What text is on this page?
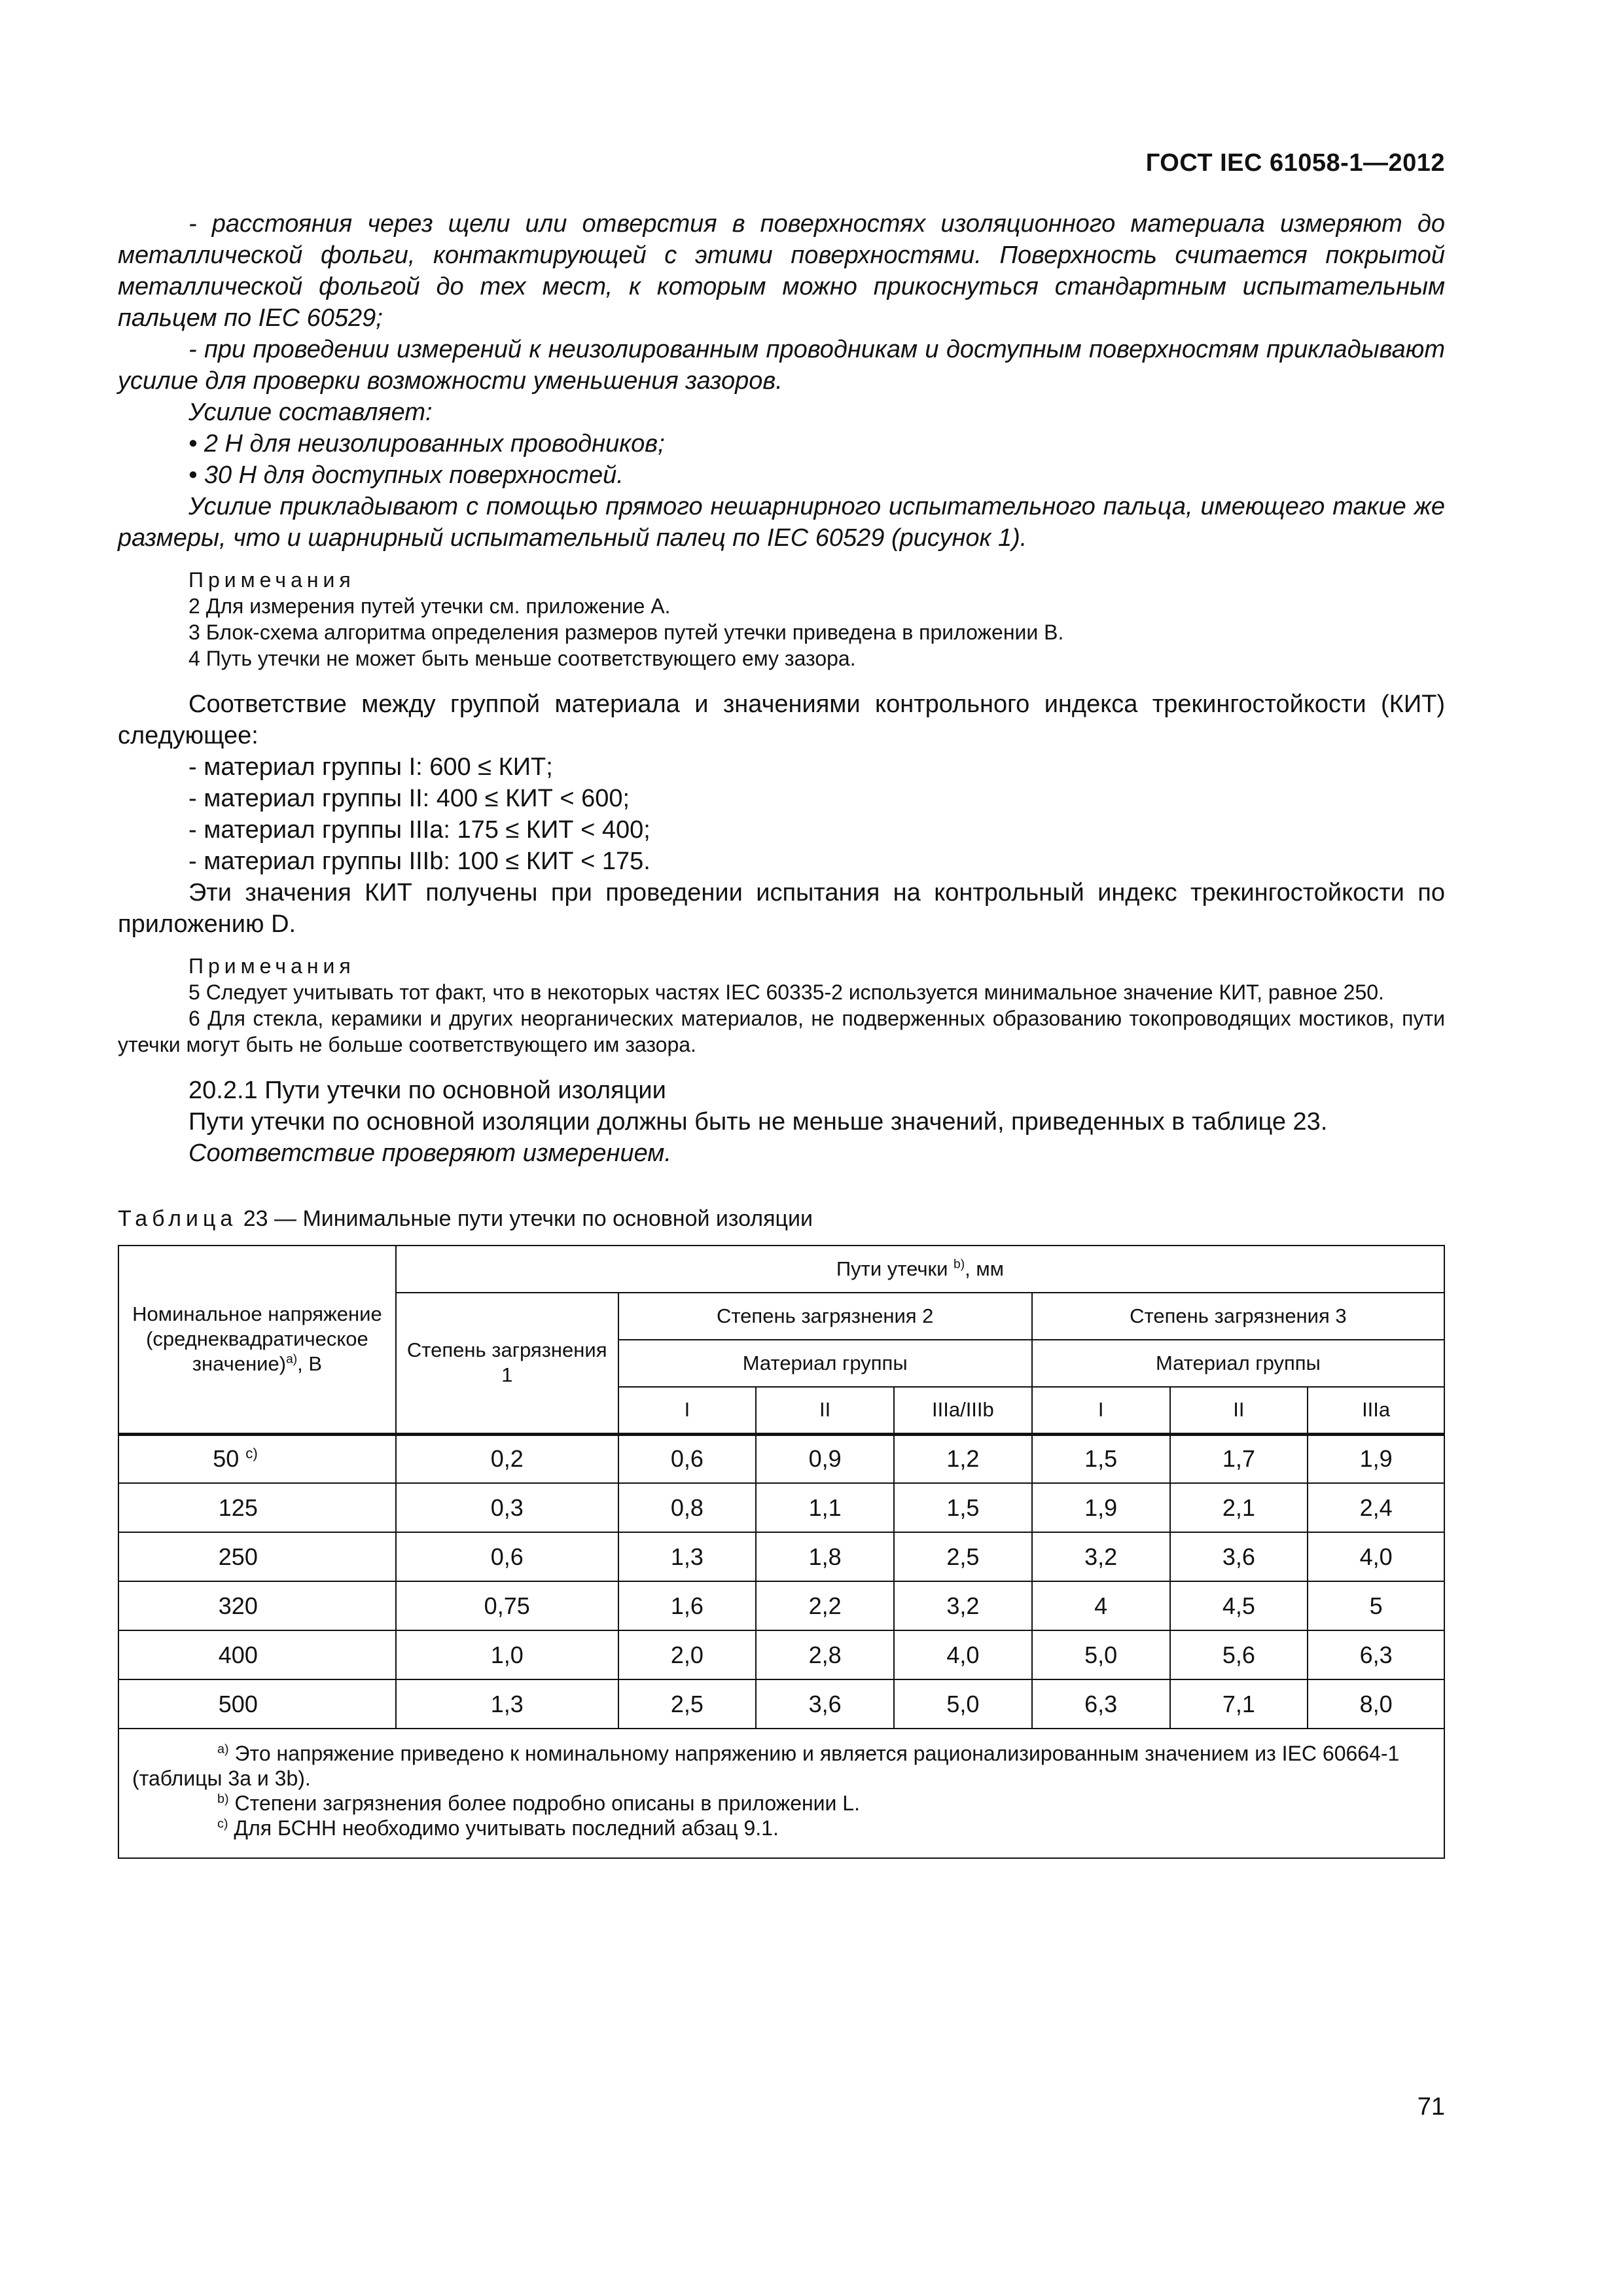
ГОСТ IEC 61058-1—2012

- расстояния через щели или отверстия в поверхностях изоляционного материала измеряют до металлической фольги, контактирующей с этими поверхностями. Поверхность считается покрытой металлической фольгой до тех мест, к которым можно прикоснуться стандартным испытательным пальцем по IEC 60529;

- при проведении измерений к неизолированным проводникам и доступным поверхностям прикладывают усилие для проверки возможности уменьшения зазоров.

Усилие составляет:

• 2 Н для неизолированных проводников;

• 30 Н для доступных поверхностей.

Усилие прикладывают с помощью прямого нешарнирного испытательного пальца, имеющего такие же размеры, что и шарнирный испытательный палец по IEC 60529 (рисунок 1).

Примечания

2 Для измерения путей утечки см. приложение А.

3 Блок-схема алгоритма определения размеров путей утечки приведена в приложении В.

4 Путь утечки не может быть меньше соответствующего ему зазора.

Соответствие между группой материала и значениями контрольного индекса трекингостойкости (КИТ) следующее:

- материал группы I: 600 ≤ КИТ;

- материал группы II: 400 ≤ КИТ < 600;

- материал группы IIIa: 175 ≤ КИТ < 400;

- материал группы IIIb: 100 ≤ КИТ < 175.

Эти значения КИТ получены при проведении испытания на контрольный индекс трекингостойкости по приложению D.

Примечания

5 Следует учитывать тот факт, что в некоторых частях IEC 60335-2 используется минимальное значение КИТ, равное 250.

6 Для стекла, керамики и других неорганических материалов, не подверженных образованию токопроводящих мостиков, пути утечки могут быть не больше соответствующего им зазора.

20.2.1 Пути утечки по основной изоляции

Пути утечки по основной изоляции должны быть не меньше значений, приведенных в таблице 23.

Соответствие проверяют измерением.

Таблица 23 — Минимальные пути утечки по основной изоляции

Номинальное напряжение (среднеквадратическое значение)$^{а)}$, В	Пути утечки $^{b)}$, мм						
	Степень загрязнения 1	Степень загрязнения 2			Степень загрязнения 3		
		Материал группы			Материал группы		
		I	II	IIIa/IIIb	I	II	IIIa
50 $^{c)}$	0,2	0,6	0,9	1,2	1,5	1,7	1,9
125	0,3	0,8	1,1	1,5	1,9	2,1	2,4
250	0,6	1,3	1,8	2,5	3,2	3,6	4,0
320	0,75	1,6	2,2	3,2	4	4,5	5
400	1,0	2,0	2,8	4,0	5,0	5,6	6,3
500	1,3	2,5	3,6	5,0	6,3	7,1	8,0

$^{а)}$ Это напряжение приведено к номинальному напряжению и является рационализированным значением из IEC 60664-1 (таблицы 3а и 3b).
$^{b)}$ Степени загрязнения более подробно описаны в приложении L.
$^{c)}$ Для БСНН необходимо учитывать последний абзац 9.1.							
71
